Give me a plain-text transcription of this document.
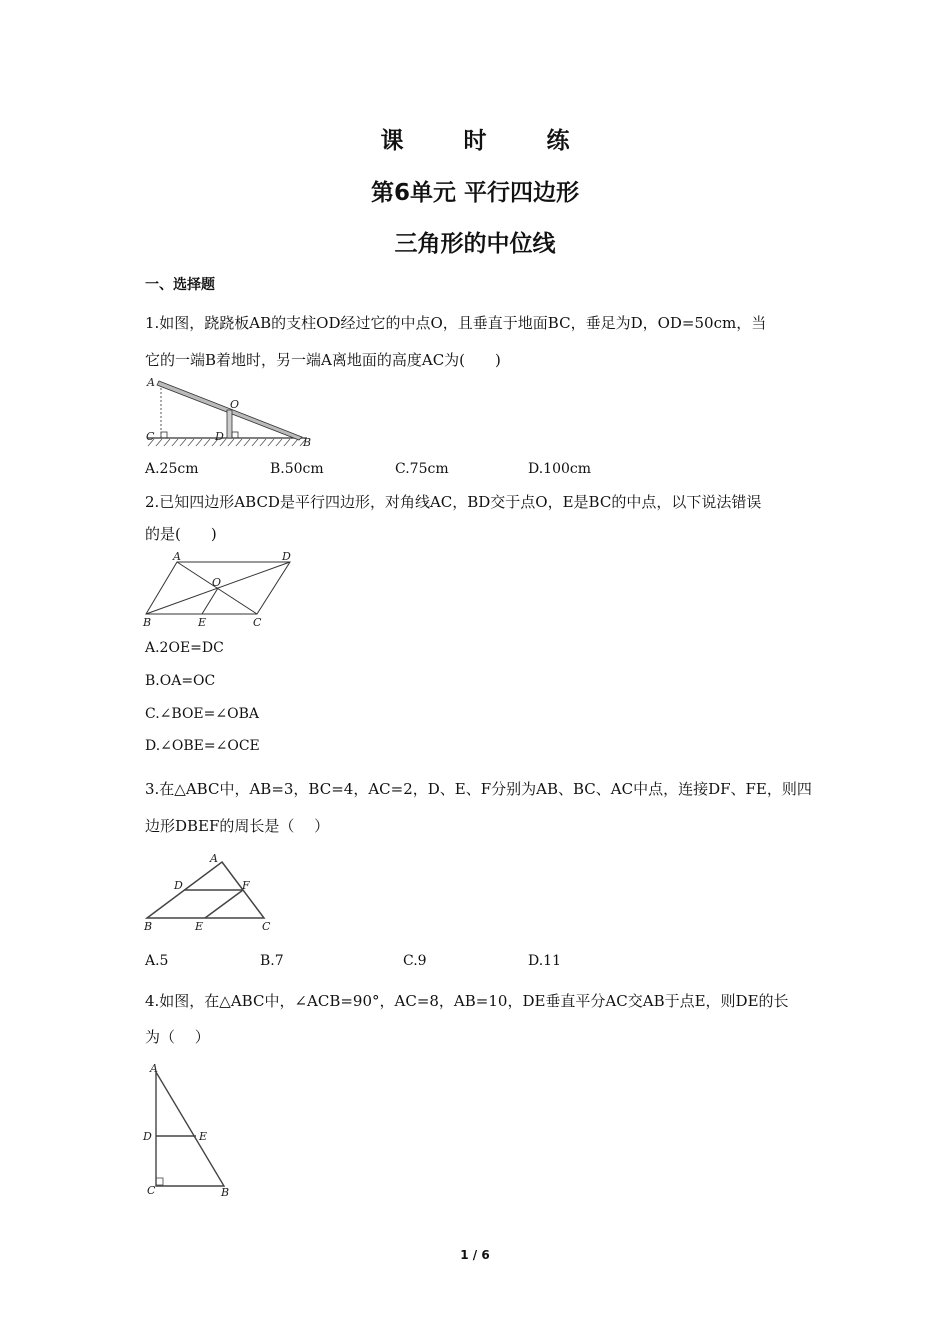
课 时 练
第6单元 平行四边形
三角形的中位线
一、选择题
1.如图，跷跷板AB的支柱OD经过它的中点O，且垂直于地面BC，垂足为D，OD=50cm，当
它的一端B着地时，另一端A离地面的高度AC为(　　)
A
O
C	D	B
A.25cm	B.50cm	C.75cm	D.100cm
2.已知四边形ABCD是平行四边形，对角线AC，BD交于点O，E是BC的中点，以下说法错误
的是(　　)
A	D
O
B	E	C
A.2OE=DC
B.OA=OC
C.∠BOE=∠OBA
D.∠OBE=∠OCE
3.在△ABC中，AB=3，BC=4，AC=2，D、E、F分别为AB、BC、AC中点，连接DF、FE，则四
边形DBEF的周长是（　 ）
A
D	F
B	E	C
A.5	B.7	C.9	D.11
4.如图，在△ABC中，∠ACB=90°，AC=8，AB=10，DE垂直平分AC交AB于点E，则DE的长
为（　 ）
A
D	E
C	B
1 / 6
